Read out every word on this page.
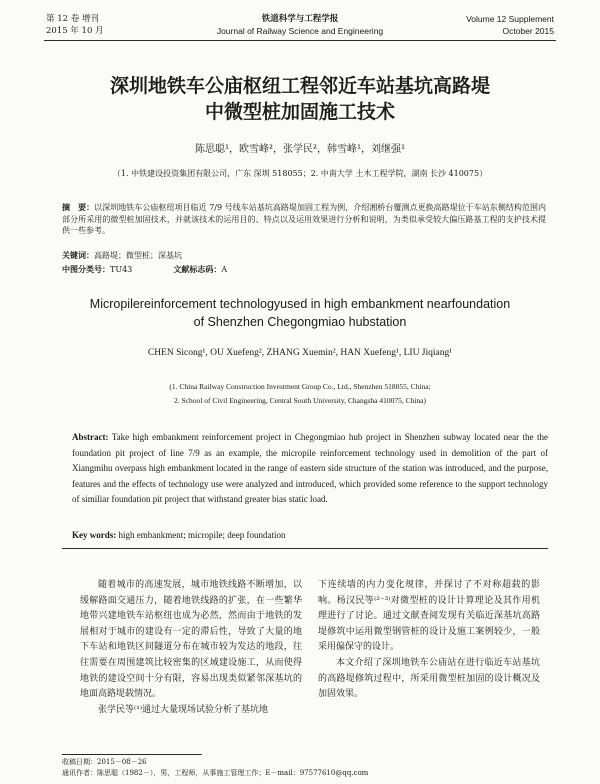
第 12 卷 增刊
2015 年 10 月
铁道科学与工程学报
Journal of Railway Science and Engineering
Volume 12 Supplement
October 2015
深圳地铁车公庙枢纽工程邻近车站基坑高路堤
中微型桩加固施工技术
陈思聪¹，欧雪峰²，张学民²，韩雪峰¹，刘继强¹
（1. 中铁建设投资集团有限公司，广东 深圳 518055；2. 中南大学 土木工程学院，湖南 长沙 410075）
摘　要：以深圳地铁车公庙枢纽项目临近 7/9 号线车站基坑高路堤加固工程为例，介绍湘桥台覆测点更换高路堤位于车站东侧结构范围内部分所采用的微型桩加固技术，并就该技术的运用目的、特点以及运用效果进行分析和说明，为类似承受较大偏压路基工程的支护技术提供一些参考。
关键词：高路堤；微型桩；深基坑
中图分类号：TU43	文献标志码：A
Micropilereinforcement technologyused in high embankment nearfoundation
of Shenzhen Chegongmiao hubstation
CHEN Sicong¹, OU Xuefeng², ZHANG Xuemin², HAN Xuefeng¹, LIU Jiqiang¹
(1. China Railway Construction Investment Group Co., Ltd., Shenzhen 518055, China;
2. School of Civil Engineering, Central South University, Changsha 410075, China)
Abstract: Take high embankment reinforcement project in Chegongmiao hub project in Shenzhen subway located near the the foundation pit project of line 7/9 as an example, the micropile reinforcement technology used in demolition of the part of Xiangmihu overpass high embankment located in the range of eastern side structure of the station was introduced, and the purpose, features and the effects of technology use were analyzed and introduced, which provided some reference to the support technology of similiar foundation pit project that withstand greater bias static load.
Key words: high embankment; micropile; deep foundation

随着城市的高速发展，城市地铁线路不断增加，以缓解路面交通压力，随着地铁线路的扩张，在一些繁华地带兴建地铁车站枢纽也成为必然，然而由于地铁的发展相对于城市的建设有一定的滞后性，导致了大量的地下车站和地铁区间隧道分布在城市较为发达的地段，往往需要在周围建筑比较密集的区域建设施工，从而使得地铁的建设空间十分有限，容易出现类似紧邻深基坑的地面高路堤载情况。

张学民等⁽¹⁾通过大量现场试验分析了基坑地

下连续墙的内力变化规律，并探讨了不对称超载的影响。杨汉民等⁽²⁻³⁾对微型桩的设计计算理论及其作用机理进行了讨论。通过文献查阅发现有关临近深基坑高路堤修筑中运用微型钢管桩的设计及施工案例较少，一般采用偏保守的设计。

本文介绍了深圳地铁车公庙站在进行临近车站基坑的高路堤修筑过程中，所采用微型桩加固的设计概况及加固效果。

收稿日期：2015－08－26
通讯作者：陈思聪（1982－），男，工程师，从事施工管理工作；E－mail：97577610@qq.com
